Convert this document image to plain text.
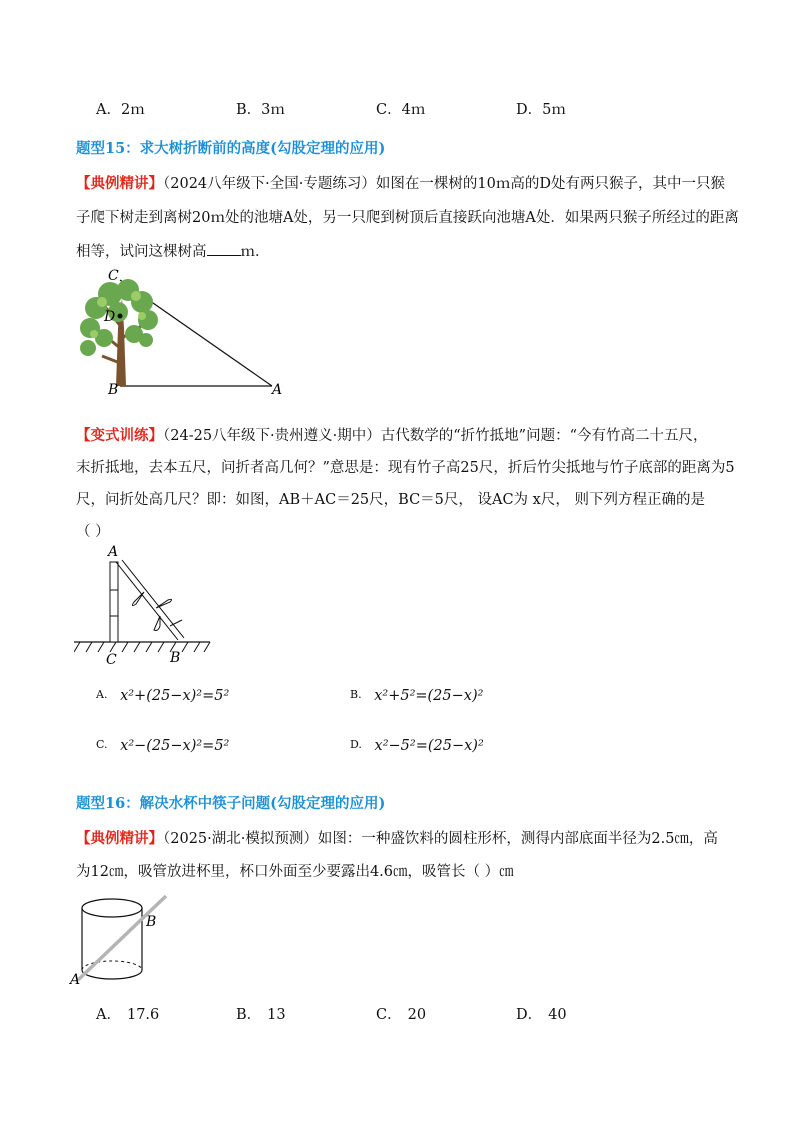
A．2ｍ	B．3ｍ	C．4ｍ	D．5ｍ
题型15：求大树折断前的高度(勾股定理的应用)
【典例精讲】（2024八年级下·全国·专题练习）如图在一棵树的10ｍ高的D处有两只猴子，其中一只猴
子爬下树走到离树20ｍ处的池塘A处，另一只爬到树顶后直接跃向池塘A处．如果两只猴子所经过的距离
相等，试问这棵树高 ｍ．
C
D
B	A
【变式训练】（24-25八年级下·贵州遵义·期中）古代数学的“折竹抵地”问题：“今有竹高二十五尺，
末折抵地，去本五尺，问折者高几何？”意思是：现有竹子高25尺，折后竹尖抵地与竹子底部的距离为5
尺，问折处高几尺？即：如图，AB＋AC＝25尺，BC＝5尺， 设AC为 x尺， 则下列方程正确的是
（ ）
A
C	B
$^{A.}$ x²+(25−x)²=5²	$^{B.}$ x²+5²=(25−x)²
$^{C.}$ x²−(25−x)²=5²	$^{D.}$ x²−5²=(25−x)²
题型16：解决水杯中筷子问题(勾股定理的应用)
【典例精讲】（2025·湖北·模拟预测）如图：一种盛饮料的圆柱形杯，测得内部底面半径为2.5㎝，高
为12㎝，吸管放进杯里，杯口外面至少要露出4.6㎝，吸管长（ ）㎝
B
A
A． 17.6	B． 13	C． 20	D． 40
